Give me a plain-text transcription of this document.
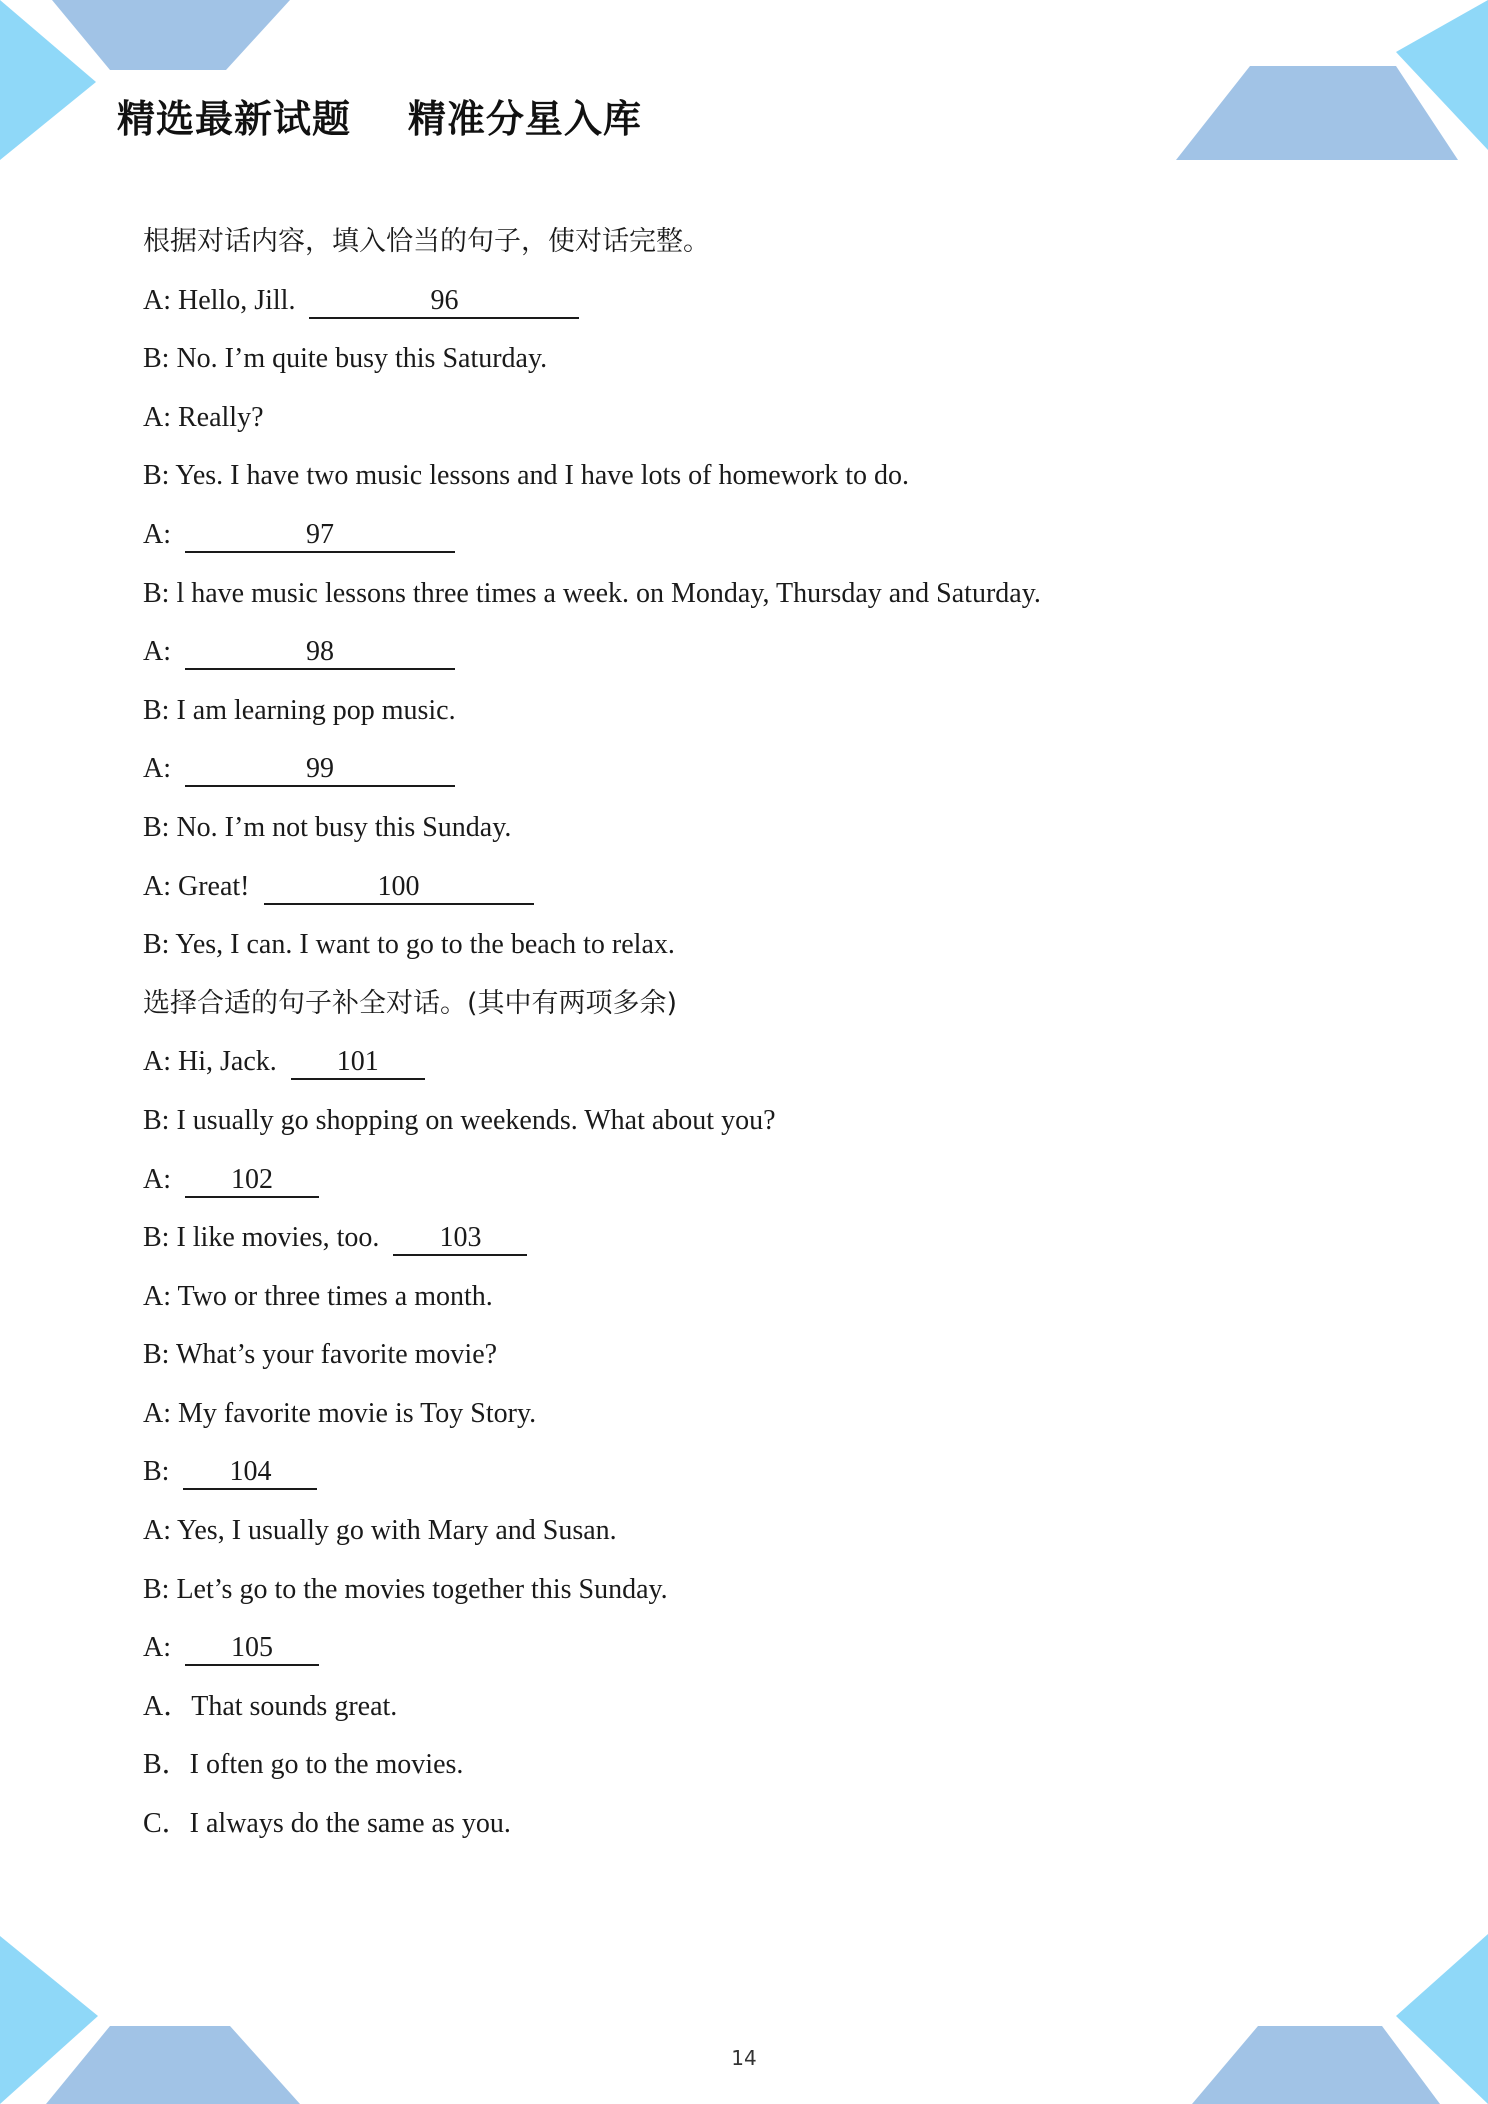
精选最新试题    精准分星入库
根据对话内容，填入恰当的句子，使对话完整。
A: Hello, Jill.	96
B: No. I’m quite busy this Saturday.
A: Really?
B: Yes. I have two music lessons and I have lots of homework to do.
A:	97
B: l have music lessons three times a week. on Monday, Thursday and Saturday.
A:	98
B: I am learning pop music.
A:	99
B: No. I’m not busy this Sunday.
A: Great!	100
B: Yes, I can. I want to go to the beach to relax.
选择合适的句子补全对话。(其中有两项多余)
A: Hi, Jack. 101
B: I usually go shopping on weekends. What about you?
A: 102
B: I like movies, too. 103
A: Two or three times a month.
B: What’s your favorite movie?
A: My favorite movie is Toy Story.
B: 104
A: Yes, I usually go with Mary and Susan.
B: Let’s go to the movies together this Sunday.
A: 105
A．That sounds great.
B．I often go to the movies.
C．I always do the same as you.
14
